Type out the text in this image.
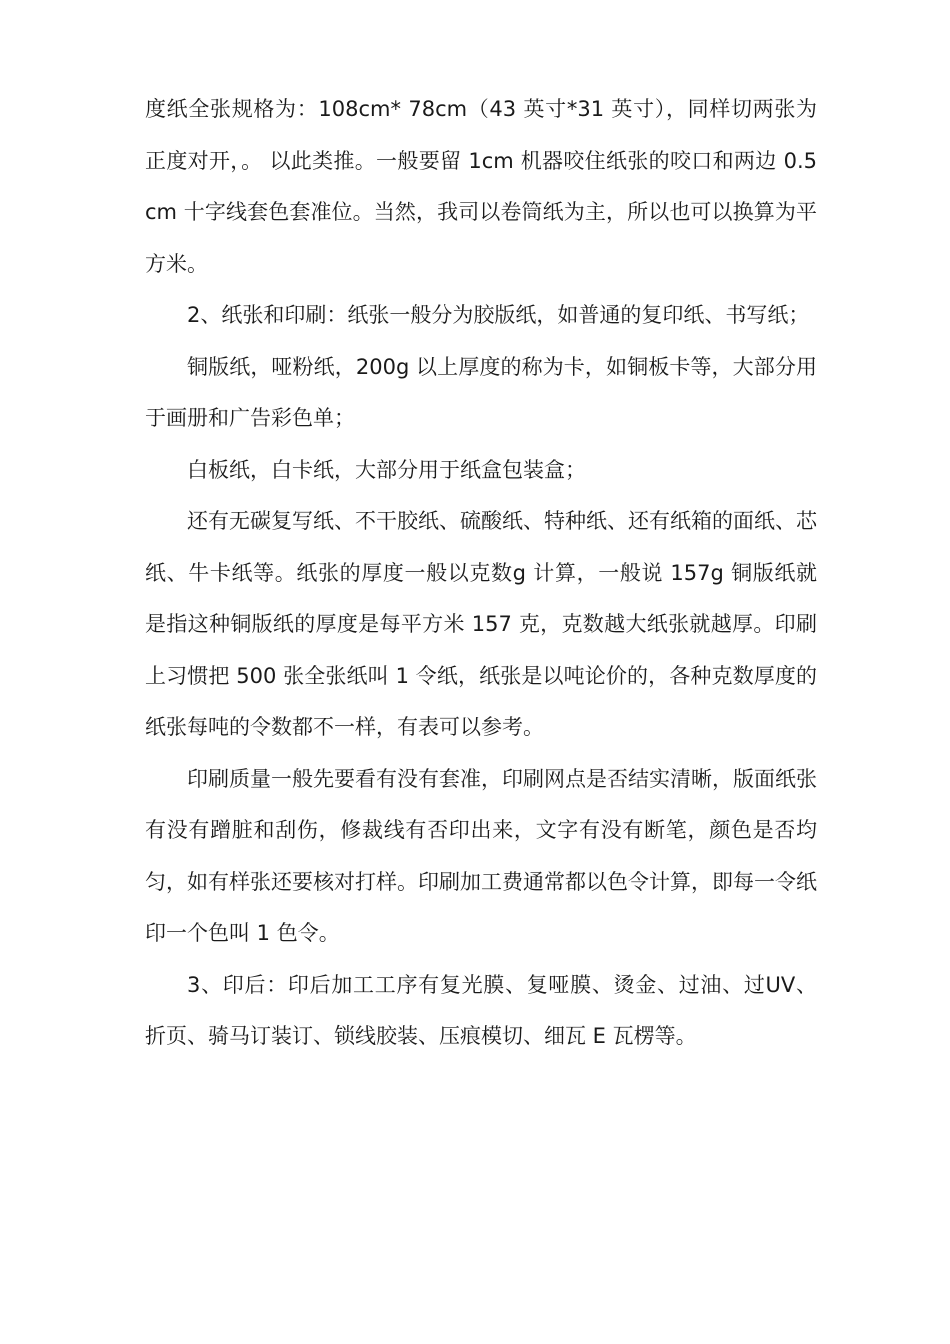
度纸全张规格为：108cm* 78cm（43 英寸*31 英寸），同样切两张为正度对开，。 以此类推。一般要留 1cm 机器咬住纸张的咬口和两边 0.5cm 十字线套色套准位。当然，我司以卷筒纸为主，所以也可以换算为平方米。

2、纸张和印刷：纸张一般分为胶版纸，如普通的复印纸、书写纸；

铜版纸，哑粉纸，200g 以上厚度的称为卡，如铜板卡等，大部分用于画册和广告彩色单；

白板纸，白卡纸，大部分用于纸盒包装盒；

还有无碳复写纸、不干胶纸、硫酸纸、特种纸、还有纸箱的面纸、芯纸、牛卡纸等。纸张的厚度一般以克数g 计算，一般说 157g 铜版纸就是指这种铜版纸的厚度是每平方米 157 克，克数越大纸张就越厚。印刷上习惯把 500 张全张纸叫 1 令纸，纸张是以吨论价的，各种克数厚度的纸张每吨的令数都不一样，有表可以参考。

印刷质量一般先要看有没有套准，印刷网点是否结实清晰，版面纸张有没有蹭脏和刮伤，修裁线有否印出来，文字有没有断笔，颜色是否均匀，如有样张还要核对打样。印刷加工费通常都以色令计算，即每一令纸印一个色叫 1 色令。

3、印后：印后加工工序有复光膜、复哑膜、烫金、过油、过UV、折页、骑马订装订、锁线胶装、压痕模切、细瓦 E 瓦楞等。
